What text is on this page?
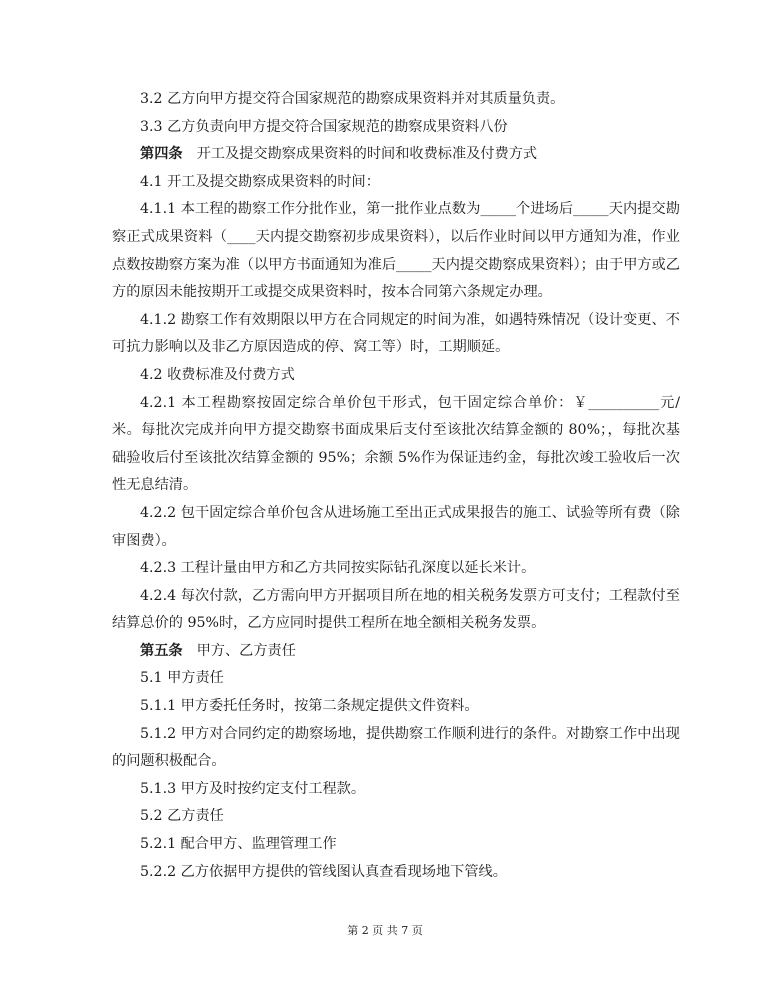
3.2 乙方向甲方提交符合国家规范的勘察成果资料并对其质量负责。

3.3 乙方负责向甲方提交符合国家规范的勘察成果资料八份

第四条 开工及提交勘察成果资料的时间和收费标准及付费方式

4.1 开工及提交勘察成果资料的时间：

4.1.1 本工程的勘察工作分批作业，第一批作业点数为_____个进场后_____天内提交勘察正式成果资料（____天内提交勘察初步成果资料），以后作业时间以甲方通知为准，作业点数按勘察方案为准（以甲方书面通知为准后_____天内提交勘察成果资料）；由于甲方或乙方的原因未能按期开工或提交成果资料时，按本合同第六条规定办理。

4.1.2 勘察工作有效期限以甲方在合同规定的时间为准，如遇特殊情况（设计变更、不可抗力影响以及非乙方原因造成的停、窝工等）时，工期顺延。

4.2 收费标准及付费方式

4.2.1 本工程勘察按固定综合单价包干形式，包干固定综合单价：￥__________元/米。每批次完成并向甲方提交勘察书面成果后支付至该批次结算金额的 80%；，每批次基础验收后付至该批次结算金额的 95%；余额 5%作为保证违约金，每批次竣工验收后一次性无息结清。

4.2.2 包干固定综合单价包含从进场施工至出正式成果报告的施工、试验等所有费（除审图费）。

4.2.3 工程计量由甲方和乙方共同按实际钻孔深度以延长米计。

4.2.4 每次付款，乙方需向甲方开据项目所在地的相关税务发票方可支付；工程款付至结算总价的 95%时，乙方应同时提供工程所在地全额相关税务发票。

第五条 甲方、乙方责任

5.1 甲方责任

5.1.1 甲方委托任务时，按第二条规定提供文件资料。

5.1.2 甲方对合同约定的勘察场地，提供勘察工作顺利进行的条件。对勘察工作中出现的问题积极配合。

5.1.3 甲方及时按约定支付工程款。

5.2 乙方责任

5.2.1 配合甲方、监理管理工作

5.2.2 乙方依据甲方提供的管线图认真查看现场地下管线。

第 2 页 共 7 页
